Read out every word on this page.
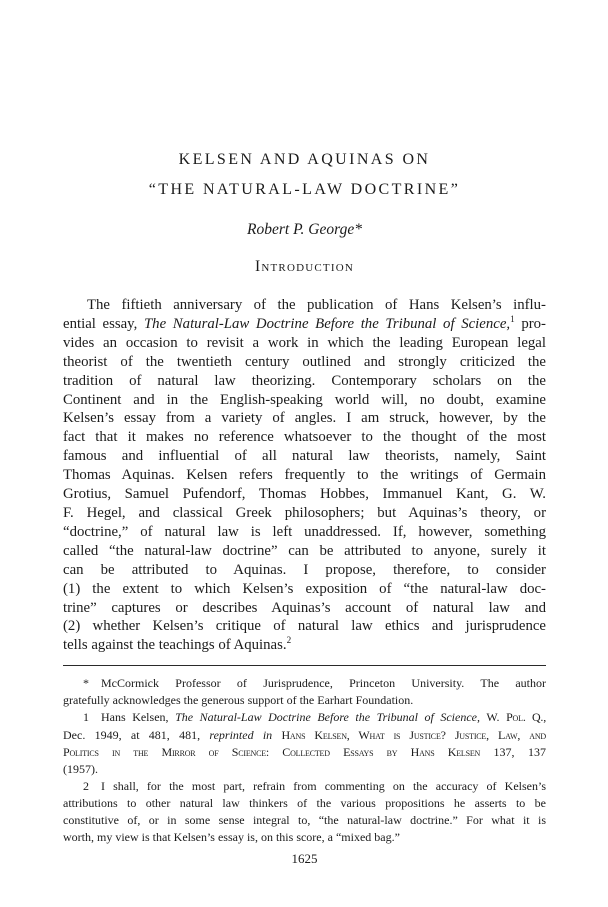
KELSEN AND AQUINAS ON
“THE NATURAL-LAW DOCTRINE”
Robert P. George*
Introduction
The fiftieth anniversary of the publication of Hans Kelsen’s influ-
ential essay, The Natural-Law Doctrine Before the Tribunal of Science,$^1$ pro-
vides an occasion to revisit a work in which the leading European legal
theorist of the twentieth century outlined and strongly criticized the
tradition of natural law theorizing. Contemporary scholars on the
Continent and in the English-speaking world will, no doubt, examine
Kelsen’s essay from a variety of angles. I am struck, however, by the
fact that it makes no reference whatsoever to the thought of the most
famous and influential of all natural law theorists, namely, Saint
Thomas Aquinas. Kelsen refers frequently to the writings of Germain
Grotius, Samuel Pufendorf, Thomas Hobbes, Immanuel Kant, G. W.
F. Hegel, and classical Greek philosophers; but Aquinas’s theory, or
“doctrine,” of natural law is left unaddressed. If, however, something
called “the natural-law doctrine” can be attributed to anyone, surely it
can be attributed to Aquinas. I propose, therefore, to consider
(1) the extent to which Kelsen’s exposition of “the natural-law doc-
trine” captures or describes Aquinas’s account of natural law and
(2) whether Kelsen’s critique of natural law ethics and jurisprudence
tells against the teachings of Aquinas.$^2$
* McCormick Professor of Jurisprudence, Princeton University. The author
gratefully acknowledges the generous support of the Earhart Foundation.
1 Hans Kelsen, The Natural-Law Doctrine Before the Tribunal of Science, W. Pol. Q.,
Dec. 1949, at 481, 481, reprinted in Hans Kelsen, What is Justice? Justice, Law, and
Politics in the Mirror of Science: Collected Essays by Hans Kelsen 137, 137
(1957).
2 I shall, for the most part, refrain from commenting on the accuracy of Kelsen’s
attributions to other natural law thinkers of the various propositions he asserts to be
constitutive of, or in some sense integral to, “the natural-law doctrine.” For what it is
worth, my view is that Kelsen’s essay is, on this score, a “mixed bag.”
1625
